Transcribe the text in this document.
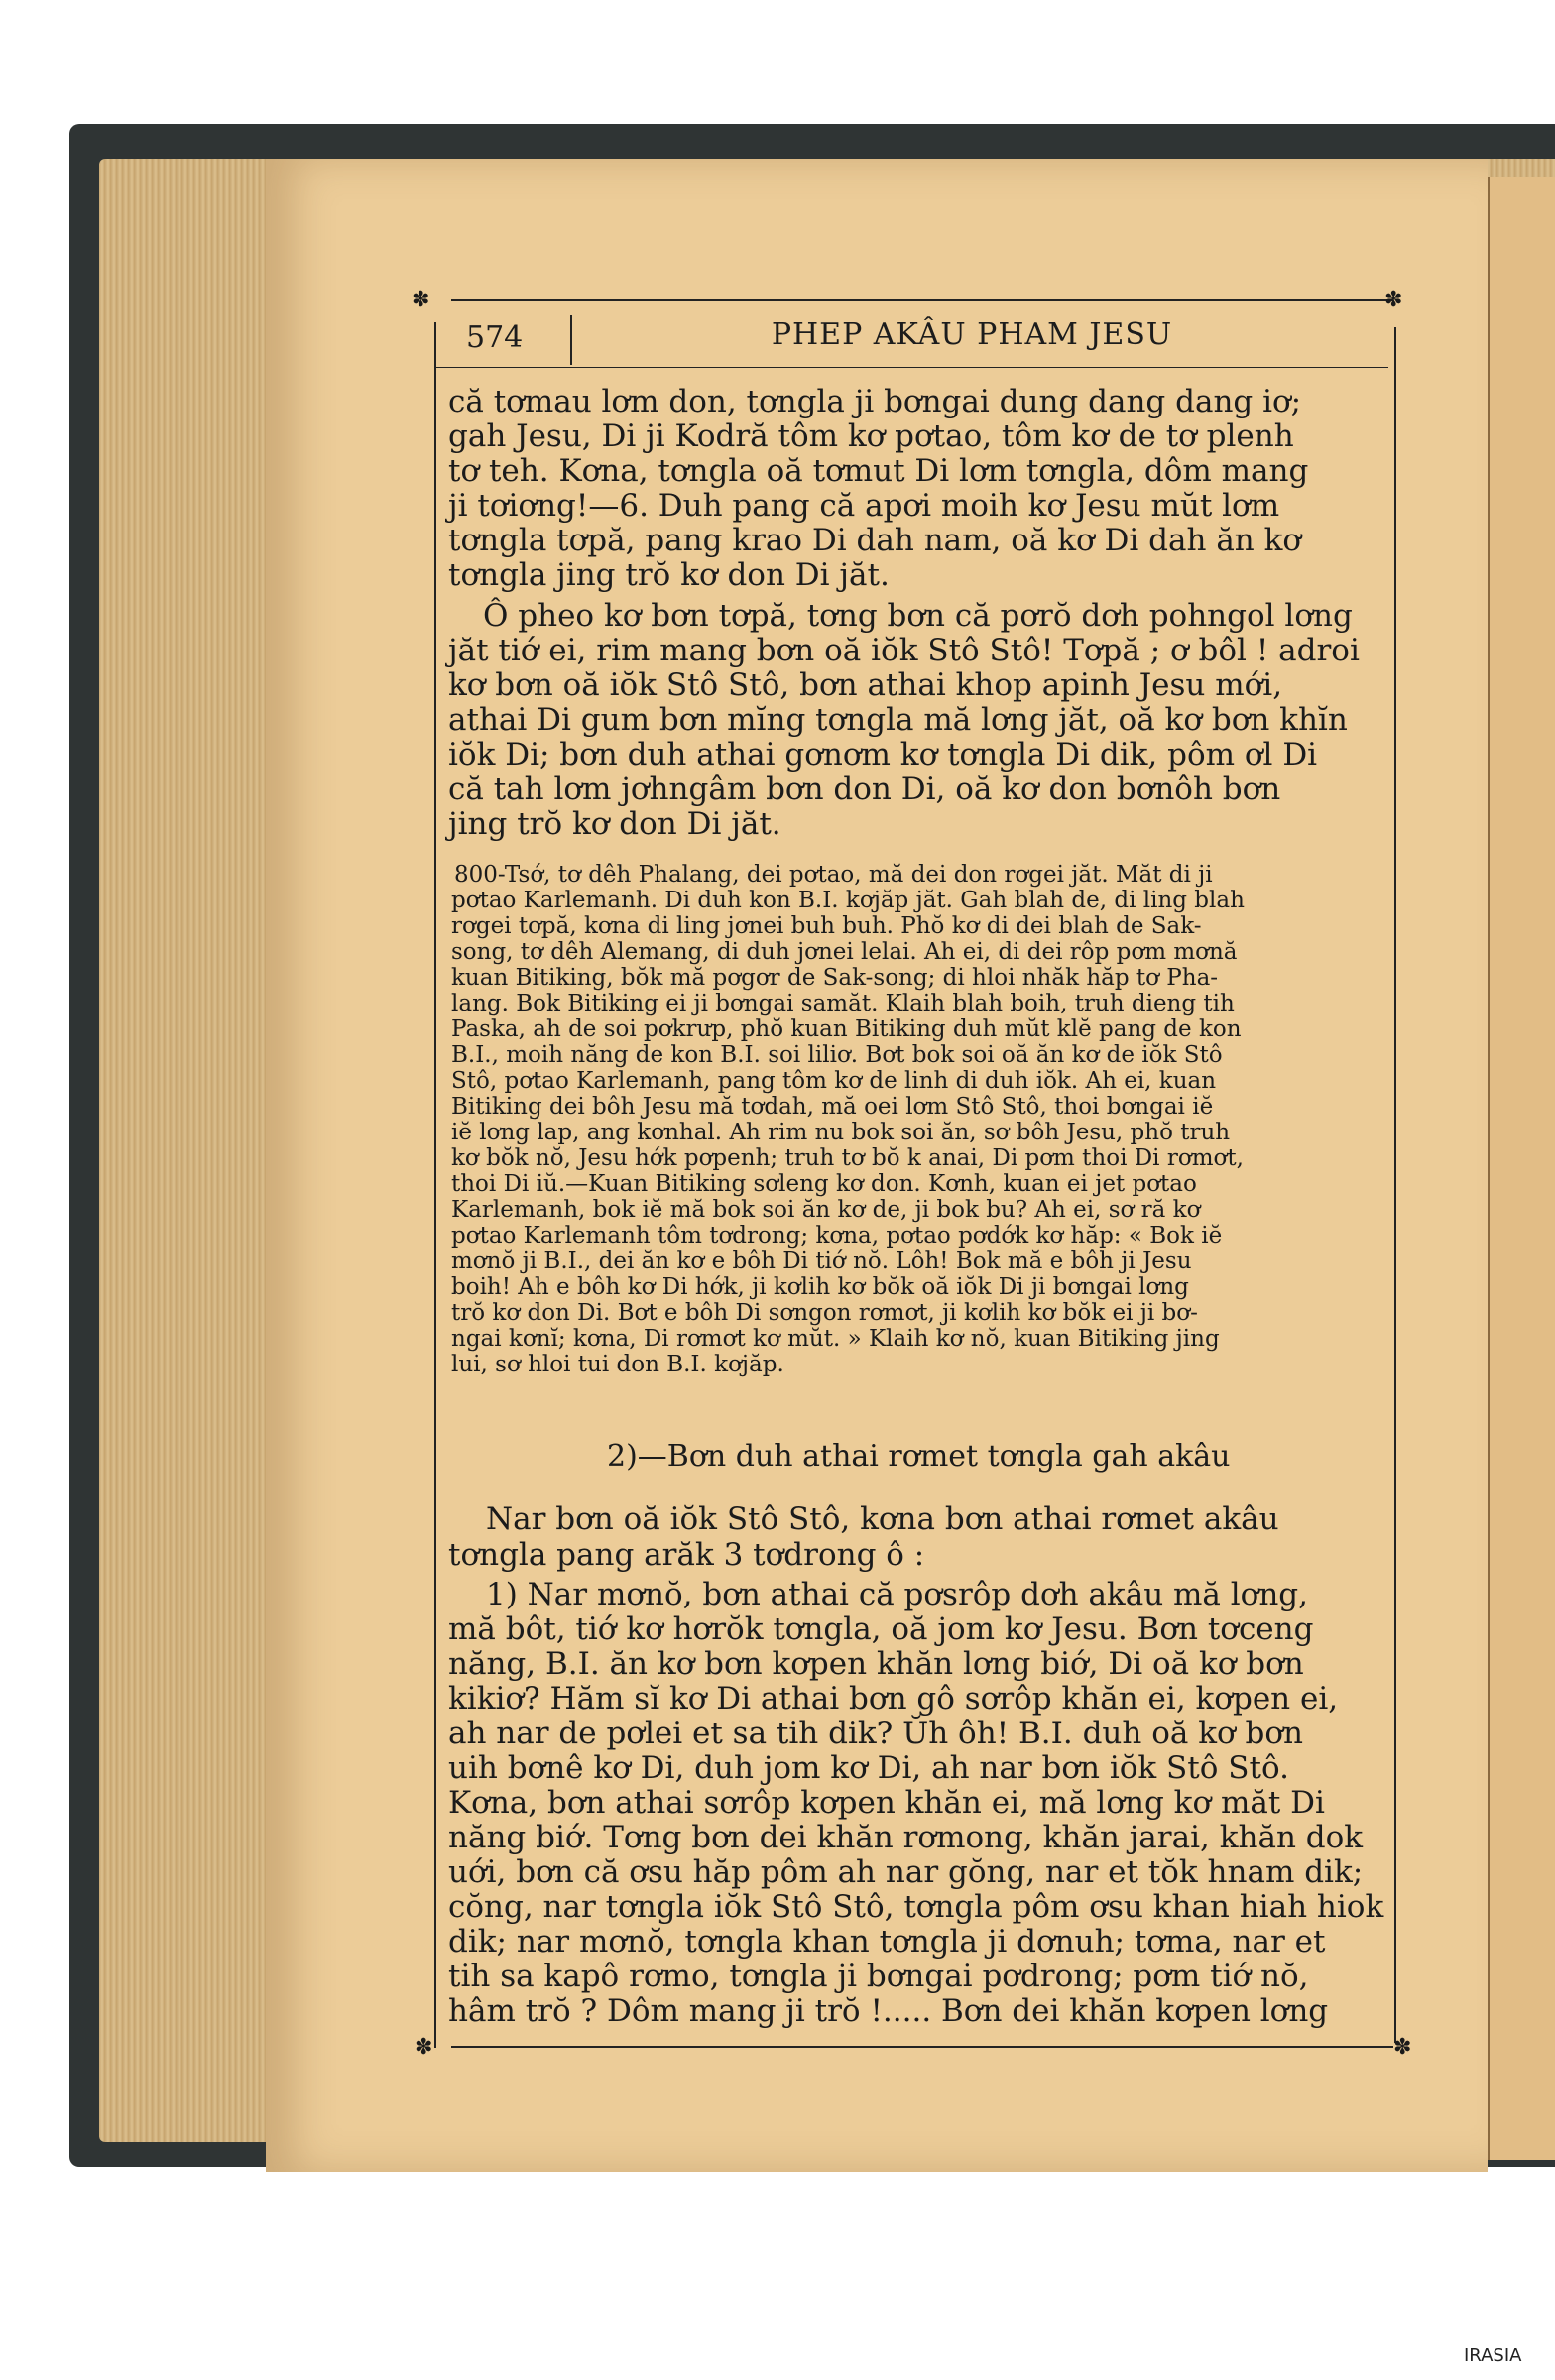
✽	✽
✽	✽
574	PHEP AKÂU PHAM JESU
că tơmau lơm don, tơngla ji bơngai dung dang dang iơ;
gah Jesu, Di ji Kodră tôm kơ pơtao, tôm kơ de tơ plenh
tơ teh. Kơna, tơngla oă tơmut Di lơm tơngla, dôm mang
ji tơiơng!—6. Duh pang că apơi moih kơ Jesu mŭt lơm
tơngla tơpă, pang krao Di dah nam, oă kơ Di dah ăn kơ
tơngla jing trŏ kơ don Di jăt.
Ô pheo kơ bơn tơpă, tơng bơn că pơrŏ dơh pohngol lơng
jăt tiớ ei, rim mang bơn oă iŏk Stô Stô! Tơpă ; ơ bôl ! adroi
kơ bơn oă iŏk Stô Stô, bơn athai khop apinh Jesu mới,
athai Di gum bơn mĭng tơngla mă lơng jăt, oă kơ bơn khĭn
iŏk Di; bơn duh athai gơnơm kơ tơngla Di dik, pôm ơl Di
că tah lơm jơhngâm bơn don Di, oă kơ don bơnôh bơn
jing trŏ kơ don Di jăt.
800-Tsớ, tơ dêh Phalang, dei pơtao, mă dei don rơgei jăt. Măt di ji
pơtao Karlemanh. Di duh kon B.I. kơjăp jăt. Gah blah de, di ling blah
rơgei tơpă, kơna di ling jơnei buh buh. Phŏ kơ di dei blah de Sak-
song, tơ dêh Alemang, di duh jơnei lelai. Ah ei, di dei rôp pơm mơnă
kuan Bitiking, bŏk mă pơgơr de Sak-song; di hloi nhăk hăp tơ Pha-
lang. Bok Bitiking ei ji bơngai samăt. Klaih blah boih, truh dieng tih
Paska, ah de soi pơkrưp, phŏ kuan Bitiking duh mŭt klĕ pang de kon
B.I., moih năng de kon B.I. soi liliơ. Bơt bok soi oă ăn kơ de iŏk Stô
Stô, pơtao Karlemanh, pang tôm kơ de linh di duh iŏk. Ah ei, kuan
Bitiking dei bôh Jesu mă tơdah, mă oei lơm Stô Stô, thoi bơngai iĕ
iĕ lơng lap, ang kơnhal. Ah rim nu bok soi ăn, sơ bôh Jesu, phŏ truh
kơ bŏk nŏ, Jesu hớk pơpenh; truh tơ bŏ k anai, Di pơm thoi Di rơmơt,
thoi Di iŭ.—Kuan Bitiking sơleng kơ don. Kơnh, kuan ei jet pơtao
Karlemanh, bok iĕ mă bok soi ăn kơ de, ji bok bu? Ah ei, sơ ră kơ
pơtao Karlemanh tôm tơdrong; kơna, pơtao pơdớk kơ hăp: « Bok iĕ
mơnŏ ji B.I., dei ăn kơ e bôh Di tiớ nŏ. Lôh! Bok mă e bôh ji Jesu
boih! Ah e bôh kơ Di hớk, ji kơlih kơ bŏk oă iŏk Di ji bơngai lơng
trŏ kơ don Di. Bơt e bôh Di sơngon rơmơt, ji kơlih kơ bŏk ei ji bơ-
ngai kơnĭ; kơna, Di rơmơt kơ mŭt. » Klaih kơ nŏ, kuan Bitiking jing
lui, sơ hloi tui don B.I. kơjăp.
2)—Bơn duh athai rơmet tơngla gah akâu
Nar bơn oă iŏk Stô Stô, kơna bơn athai rơmet akâu
tơngla pang arăk 3 tơdrong ô :
1) Nar mơnŏ, bơn athai că pơsrôp dơh akâu mă lơng,
mă bôt, tiớ kơ hơrŏk tơngla, oă jom kơ Jesu. Bơn tơceng
năng, B.I. ăn kơ bơn kơpen khăn lơng biớ, Di oă kơ bơn
kikiơ? Hăm sĭ kơ Di athai bơn gô sơrôp khăn ei, kơpen ei,
ah nar de pơlei et sa tih dik? Ŭh ôh! B.I. duh oă kơ bơn
uih bơnê kơ Di, duh jom kơ Di, ah nar bơn iŏk Stô Stô.
Kơna, bơn athai sơrôp kơpen khăn ei, mă lơng kơ măt Di
năng biớ. Tơng bơn dei khăn rơmong, khăn jarai, khăn dok
uới, bơn că ơsu hăp pôm ah nar gŏng, nar et tŏk hnam dik;
cŏng, nar tơngla iŏk Stô Stô, tơngla pôm ơsu khan hiah hiok
dik; nar mơnŏ, tơngla khan tơngla ji dơnuh; tơma, nar et
tih sa kapô rơmo, tơngla ji bơngai pơdrong; pơm tiớ nŏ,
hâm trŏ ? Dôm mang ji trŏ !..... Bơn dei khăn kơpen lơng
IRASIA
